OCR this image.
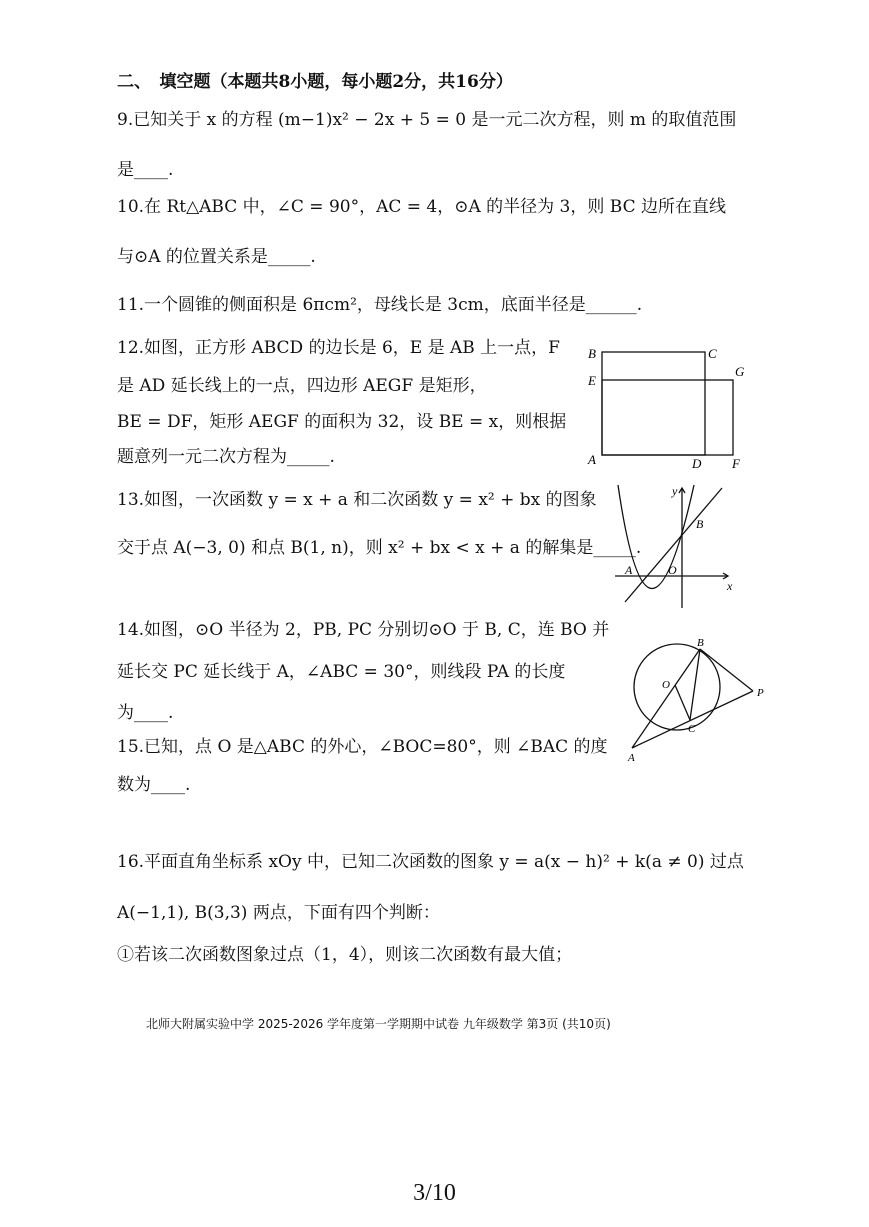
二、　填空题（本题共8小题，每小题2分，共16分）
9.已知关于 x 的方程 (m−1)x² − 2x + 5 = 0 是一元二次方程，则 m 的取值范围
是____.
10.在 Rt△ABC 中，∠C = 90°，AC = 4，⊙A 的半径为 3，则 BC 边所在直线
与⊙A 的位置关系是_____.
11.一个圆锥的侧面积是 6πcm²，母线长是 3cm，底面半径是______.
12.如图，正方形 ABCD 的边长是 6，E 是 AB 上一点，F
是 AD 延长线上的一点，四边形 AEGF 是矩形，
BE = DF，矩形 AEGF 的面积为 32，设 BE = x，则根据
题意列一元二次方程为_____.
B	C
E
G
A	D F
13.如图，一次函数 y = x + a 和二次函数 y = x² + bx 的图象
交于点 A(−3, 0) 和点 B(1, n)，则 x² + bx < x + a 的解集是_____.
y
x
A	O
B
14.如图，⊙O 半径为 2，PB, PC 分别切⊙O 于 B, C，连 BO 并
延长交 PC 延长线于 A，∠ABC = 30°，则线段 PA 的长度
为____.
B
O
P
C
A
15.已知，点 O 是△ABC 的外心，∠BOC=80°，则 ∠BAC 的度
数为____.
16.平面直角坐标系 xOy 中，已知二次函数的图象 y = a(x − h)² + k(a ≠ 0) 过点
A(−1,1), B(3,3) 两点，下面有四个判断：
①若该二次函数图象过点（1，4），则该二次函数有最大值；
北师大附属实验中学 2025-2026 学年度第一学期期中试卷 九年级数学 第3页 (共10页)
3/10
